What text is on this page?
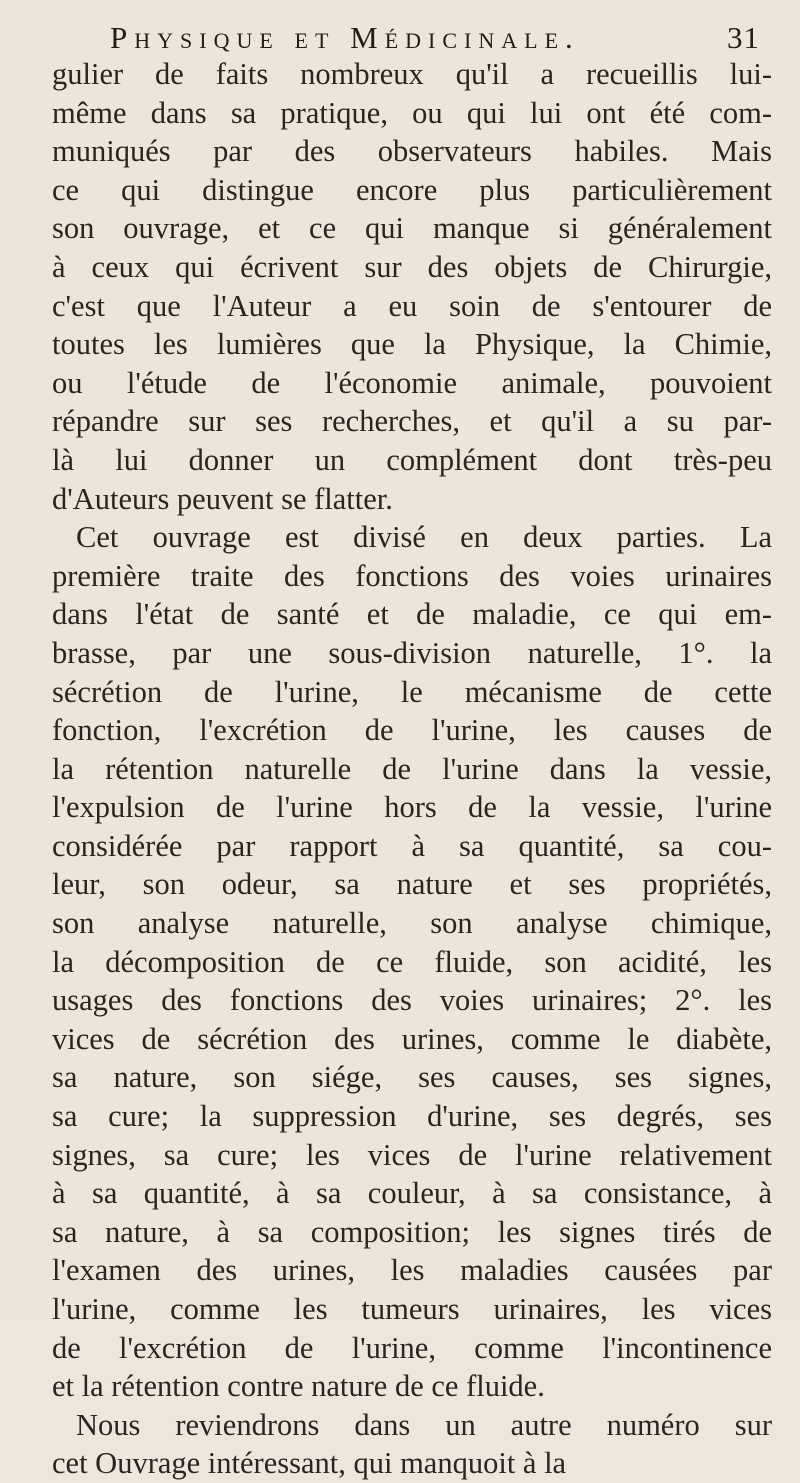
Physique et Médicinale.	31
gulier de faits nombreux qu'il a recueillis lui-
même dans sa pratique, ou qui lui ont été com-
muniqués par des observateurs habiles. Mais
ce qui distingue encore plus particulièrement
son ouvrage, et ce qui manque si généralement
à ceux qui écrivent sur des objets de Chirurgie,
c'est que l'Auteur a eu soin de s'entourer de
toutes les lumières que la Physique, la Chimie,
ou l'étude de l'économie animale, pouvoient
répandre sur ses recherches, et qu'il a su par-
là lui donner un complément dont très-peu
d'Auteurs peuvent se flatter.
Cet ouvrage est divisé en deux parties. La
première traite des fonctions des voies urinaires
dans l'état de santé et de maladie, ce qui em-
brasse, par une sous-division naturelle, 1°. la
sécrétion de l'urine, le mécanisme de cette
fonction, l'excrétion de l'urine, les causes de
la rétention naturelle de l'urine dans la vessie,
l'expulsion de l'urine hors de la vessie, l'urine
considérée par rapport à sa quantité, sa cou-
leur, son odeur, sa nature et ses propriétés,
son analyse naturelle, son analyse chimique,
la décomposition de ce fluide, son acidité, les
usages des fonctions des voies urinaires; 2°. les
vices de sécrétion des urines, comme le diabète,
sa nature, son siége, ses causes, ses signes,
sa cure; la suppression d'urine, ses degrés, ses
signes, sa cure; les vices de l'urine relativement
à sa quantité, à sa couleur, à sa consistance, à
sa nature, à sa composition; les signes tirés de
l'examen des urines, les maladies causées par
l'urine, comme les tumeurs urinaires, les vices
de l'excrétion de l'urine, comme l'incontinence
et la rétention contre nature de ce fluide.
Nous reviendrons dans un autre numéro sur
cet Ouvrage intéressant, qui manquoit à la
